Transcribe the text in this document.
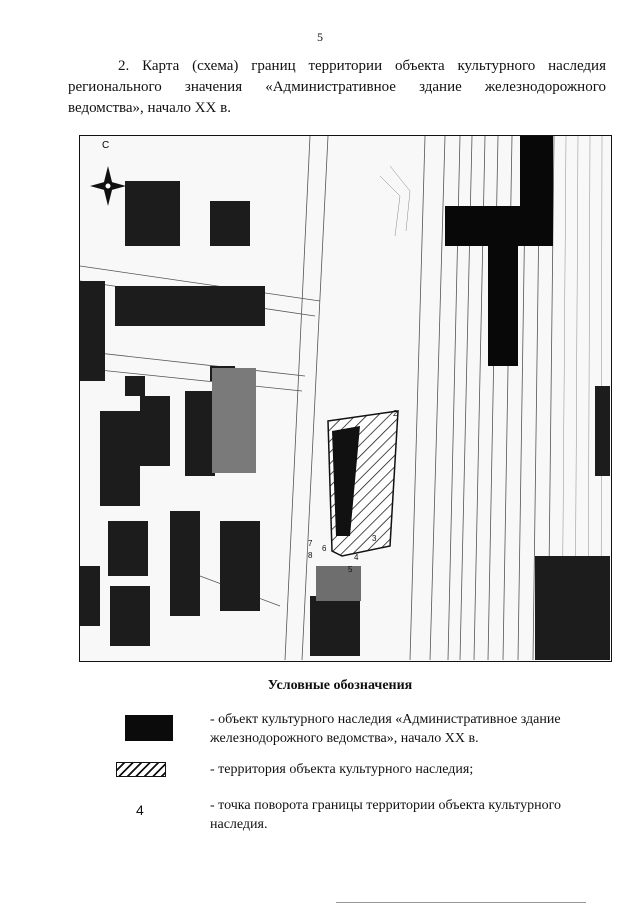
5
2. Карта (схема) границ территории объекта культурного наследия
регионального значения «Административное здание железнодорожного
ведомства», начало XX в.
С
2
3
4
5
6
7
8
Условные обозначения
- объект культурного наследия «Административное здание
железнодорожного ведомства», начало XX в.
- территория объекта культурного наследия;
4	- точка поворота границы территории объекта культурного
наследия.
